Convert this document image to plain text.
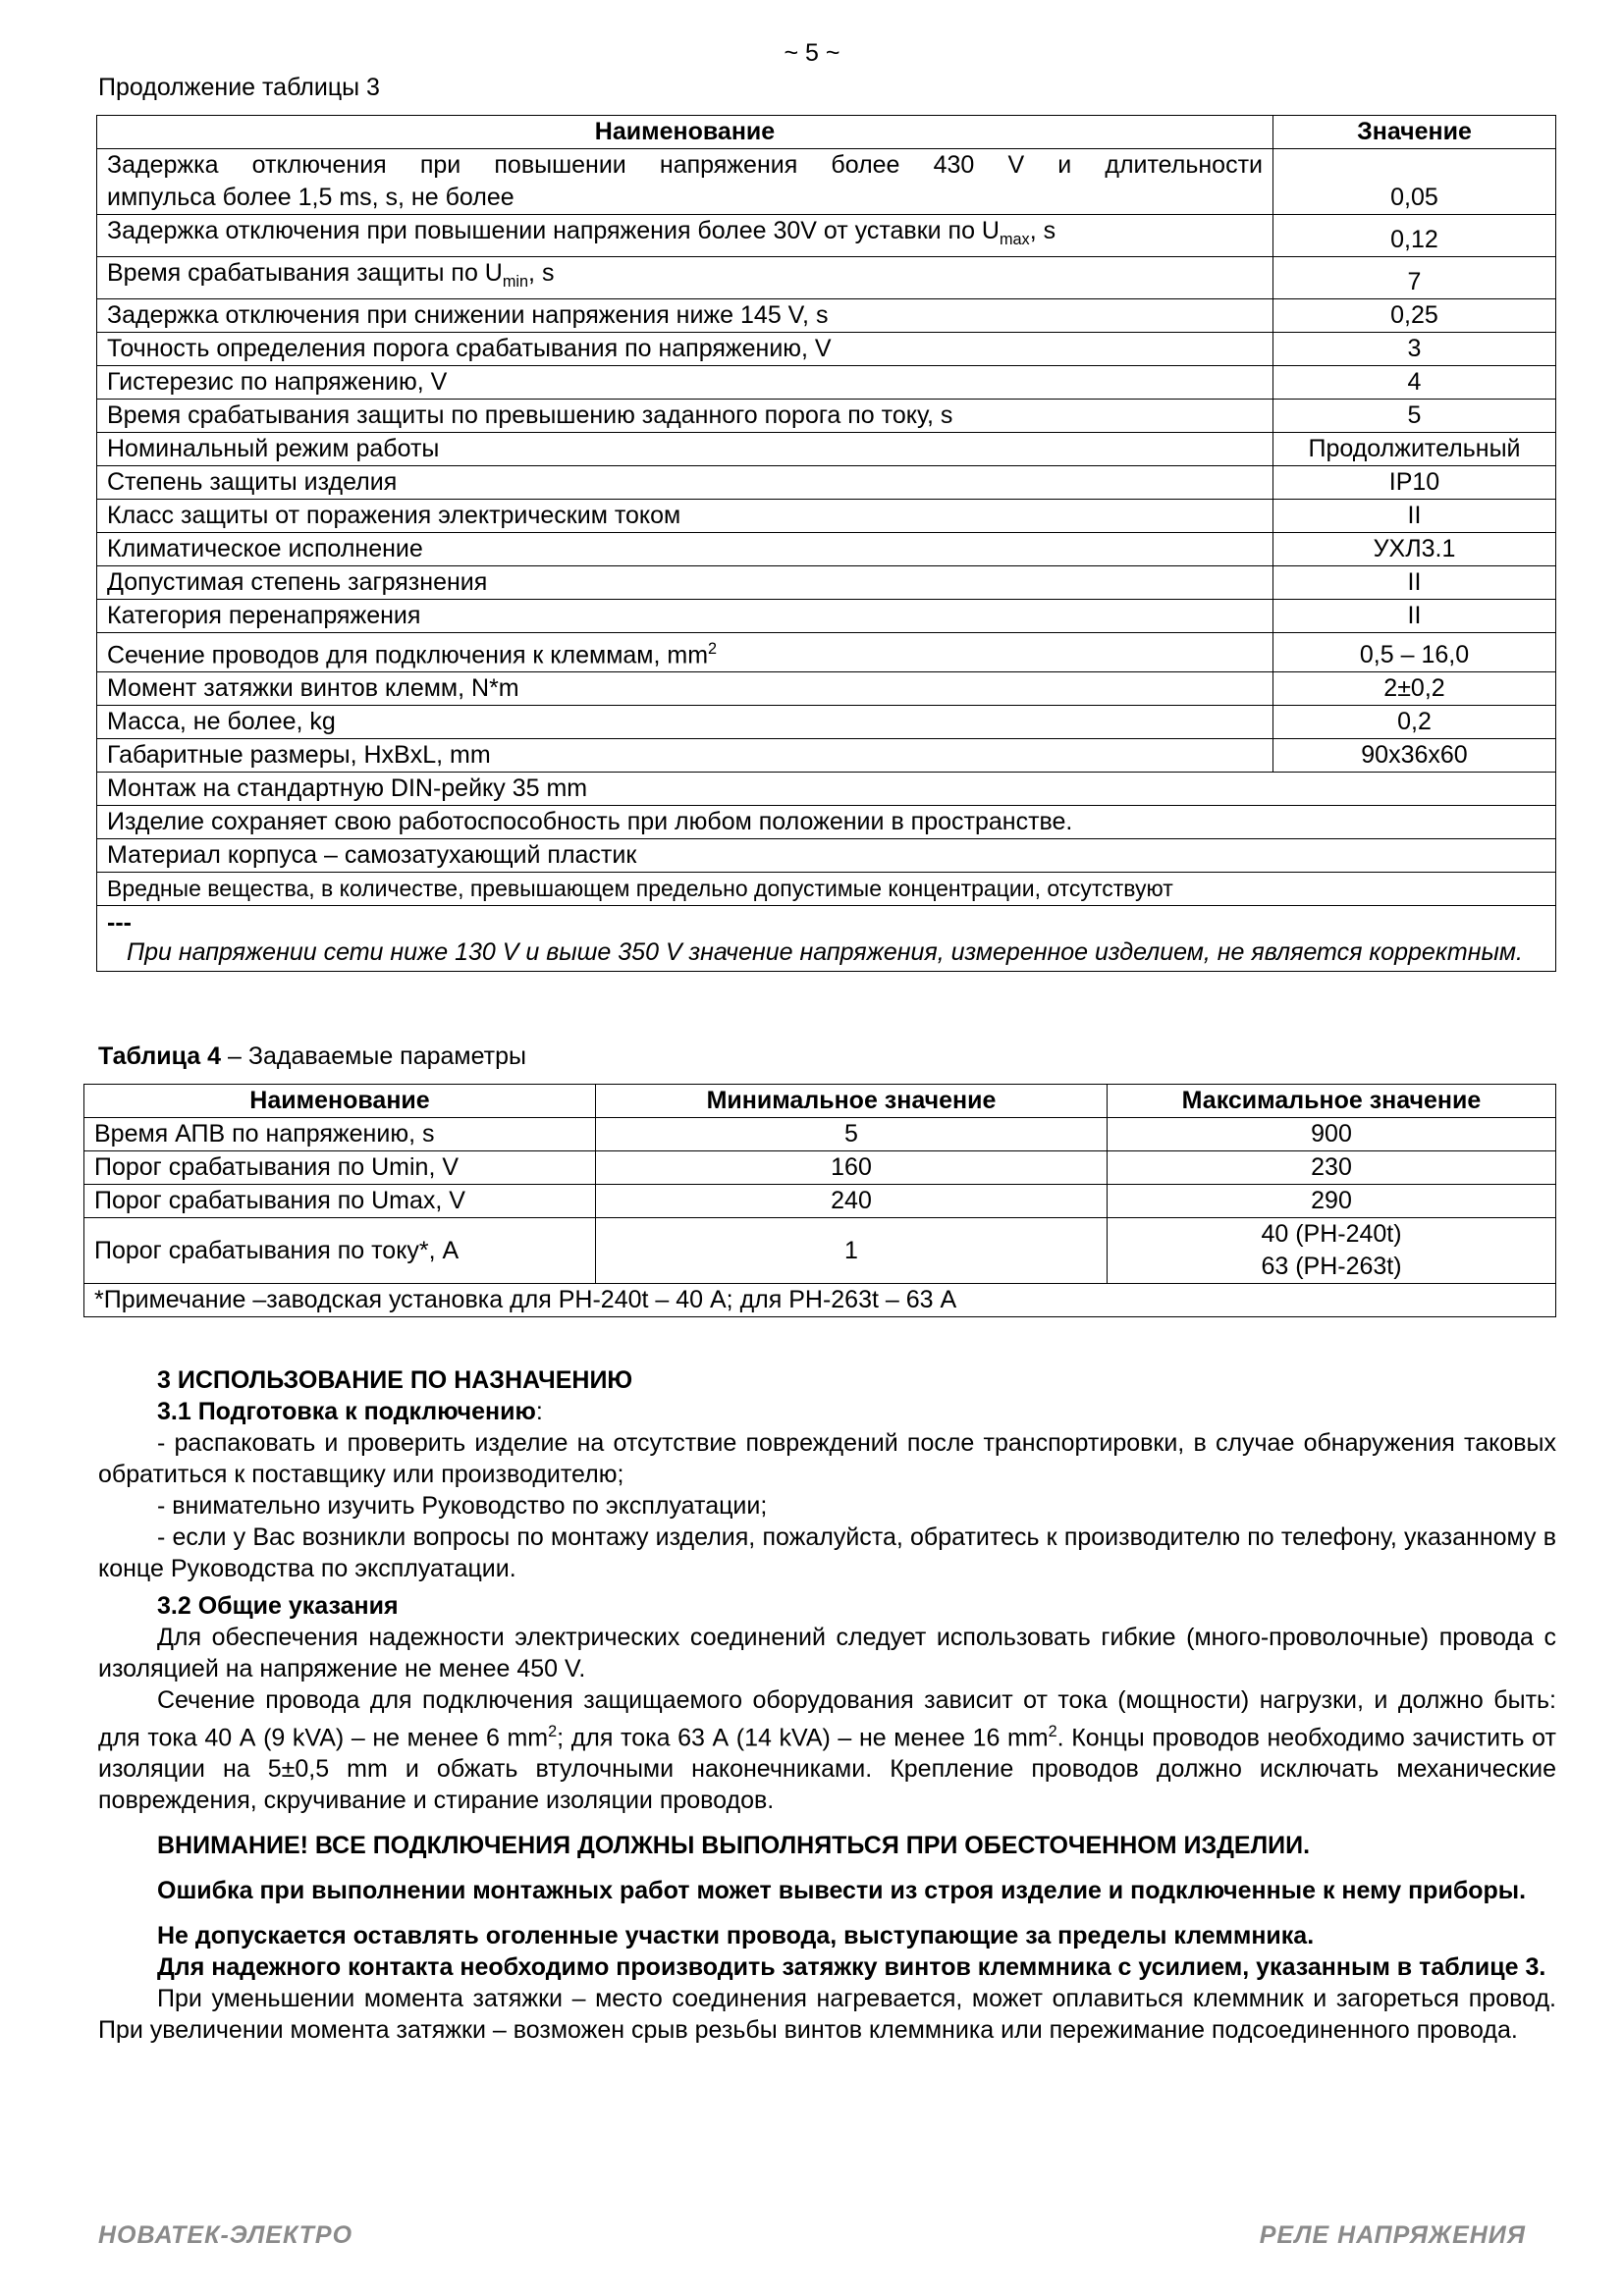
~ 5 ~
Продолжение таблицы 3
Наименование	Значение

Задержка отключения при повышении напряжения более 430 V и длительности
импульса более 1,5 ms, s, не более	0,05
Задержка отключения при повышении напряжения более 30V от уставки по $U_{max}$, s	0,12
Время срабатывания защиты по $U_{min}$, s	7
Задержка отключения при снижении напряжения ниже 145 V, s	0,25
Точность определения порога срабатывания по напряжению, V	3
Гистерезис по напряжению, V	4
Время срабатывания защиты по превышению заданного порога по току, s	5
Номинальный режим работы	Продолжительный
Степень защиты изделия	IP10
Класс защиты от поражения электрическим током	II
Климатическое исполнение	УХЛ3.1
Допустимая степень загрязнения	II
Категория перенапряжения	II
Сечение проводов для подключения к клеммам, $mm^2$	0,5 – 16,0
Момент затяжки винтов клемм, N*m	2±0,2
Масса, не более, kg	0,2
Габаритные размеры, HxBxL, mm	90x36x60
Монтаж на стандартную DIN-рейку 35 mm	
Изделие сохраняет свою работоспособность при любом положении в пространстве.	
Материал корпуса – самозатухающий пластик	
Вредные вещества, в количестве, превышающем предельно допустимые концентрации, отсутствуют	

---
При напряжении сети ниже 130 V и выше 350 V значение напряжения, измеренное изделием, не является корректным.	
Таблица 4 – Задаваемые параметры
Наименование	Минимальное значение	Максимальное значение
Время АПВ по напряжению, s	5	900
Порог срабатывания по Umin, V	160	230
Порог срабатывания по Umax, V	240	290
Порог срабатывания по току*, А	1	40 (РН-240t)
63 (РН-263t)

*Примечание –заводская установка для РН-240t – 40 А; для РН-263t – 63 А		

3 ИСПОЛЬЗОВАНИЕ ПО НАЗНАЧЕНИЮ

3.1 Подготовка к подключению:

- распаковать и проверить изделие на отсутствие повреждений после транспортировки, в случае обнаружения таковых обратиться к поставщику или производителю;

- внимательно изучить Руководство по эксплуатации;

- если у Вас возникли вопросы по монтажу изделия, пожалуйста, обратитесь к производителю по телефону, указанному в конце Руководства по эксплуатации.

3.2 Общие указания

Для обеспечения надежности электрических соединений следует использовать гибкие (много-проволочные) провода с изоляцией на напряжение не менее 450 V.

Сечение провода для подключения защищаемого оборудования зависит от тока (мощности) нагрузки, и должно быть: для тока 40 А (9 kVA) – не менее 6 $mm^2$; для тока 63 А (14 kVA) – не менее 16 $mm^2$. Концы проводов необходимо зачистить от изоляции на 5±0,5 mm и обжать втулочными наконечниками. Крепление проводов должно исключать механические повреждения, скручивание и стирание изоляции проводов.

ВНИМАНИЕ! ВСЕ ПОДКЛЮЧЕНИЯ ДОЛЖНЫ ВЫПОЛНЯТЬСЯ ПРИ ОБЕСТОЧЕННОМ ИЗДЕЛИИ.

Ошибка при выполнении монтажных работ может вывести из строя изделие и подключенные к нему приборы.

Не допускается оставлять оголенные участки провода, выступающие за пределы клеммника.

Для надежного контакта необходимо производить затяжку винтов клеммника с усилием, указанным в таблице 3.

При уменьшении момента затяжки – место соединения нагревается, может оплавиться клеммник и загореться провод. При увеличении момента затяжки – возможен срыв резьбы винтов клеммника или пережимание подсоединенного провода.

НОВАТЕК-ЭЛЕКТРО	РЕЛЕ НАПРЯЖЕНИЯ
